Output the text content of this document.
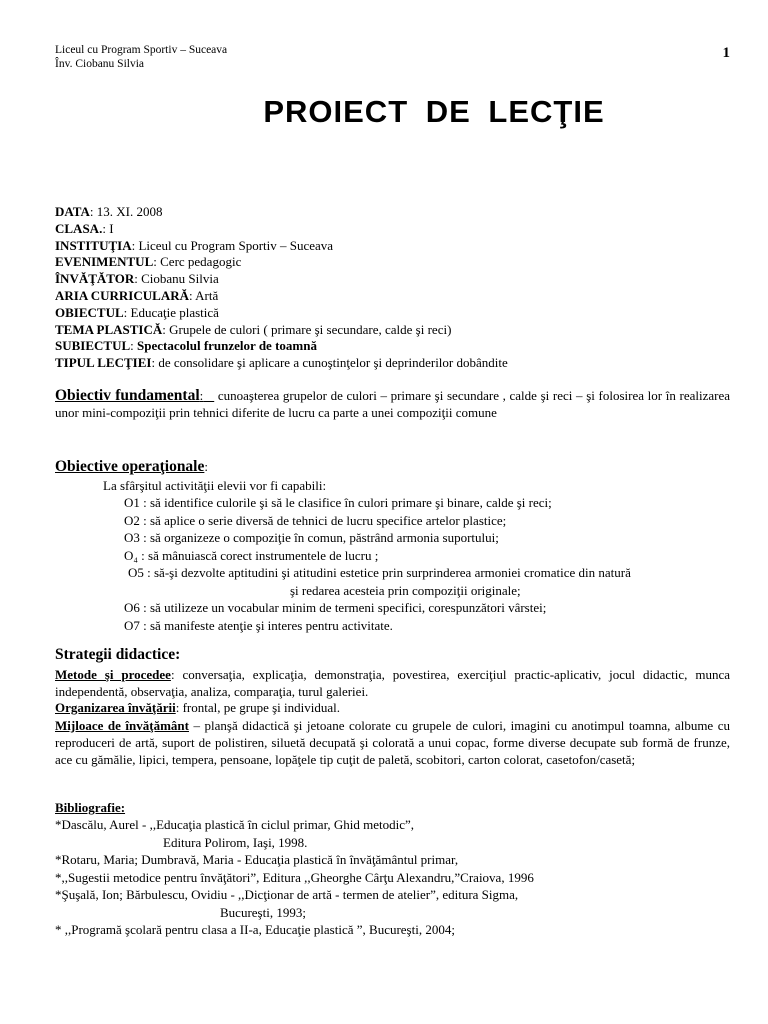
Liceul cu Program Sportiv – Suceava
Înv. Ciobanu Silvia
1
PROIECT DE LECŢIE
DATA: 13. XI. 2008
CLASA.: I
INSTITUŢIA: Liceul cu Program Sportiv – Suceava
EVENIMENTUL: Cerc pedagogic
ÎNVĂŢĂTOR: Ciobanu Silvia
ARIA CURRICULARĂ: Artă
OBIECTUL: Educaţie plastică
TEMA PLASTICĂ: Grupele de culori ( primare şi secundare, calde şi reci)
SUBIECTUL: Spectacolul frunzelor de toamnă
TIPUL LECŢIEI: de consolidare şi aplicare a cunoştinţelor şi deprinderilor dobândite
Obiectiv fundamental: cunoaşterea grupelor de culori – primare şi secundare , calde şi reci – şi folosirea lor în realizarea unor mini-compoziţii prin tehnici diferite de lucru ca parte a unei compoziţii comune
Obiective operaţionale:
La sfârşitul activităţii elevii vor fi capabili:
O1 : să identifice culorile şi să le clasifice în culori primare şi binare, calde şi reci;
O2 : să aplice o serie diversă de tehnici de lucru specifice artelor plastice;
O3 : să organizeze o compoziţie în comun, păstrând armonia suportului;
O₄ : să mânuiască corect instrumentele de lucru ;
O5 : să-şi dezvolte aptitudini şi atitudini estetice prin surprinderea armoniei cromatice din natură
şi redarea acesteia prin compoziţii originale;
O6 : să utilizeze un vocabular minim de termeni specifici, corespunzători vârstei;
O7 : să manifeste atenţie şi interes pentru activitate.
Strategii didactice:
Metode şi procedee: conversaţia, explicaţia, demonstraţia, povestirea, exerciţiul practic-aplicativ, jocul didactic, munca independentă, observaţia, analiza, comparaţia, turul galeriei.
Organizarea învăţării: frontal, pe grupe şi individual.
Mijloace de învăţământ – planşă didactică şi jetoane colorate cu grupele de culori, imagini cu anotimpul toamna, albume cu reproduceri de artă, suport de polistiren, siluetă decupată şi colorată a unui copac, forme diverse decupate sub formă de frunze, ace cu gămălie, lipici, tempera, pensoane, lopăţele tip cuţit de paletă, scobitori, carton colorat, casetofon/casetă;
Bibliografie:
*Dascălu, Aurel - ,,Educaţia plastică în ciclul primar, Ghid metodic”,
Editura Polirom, Iaşi, 1998.
*Rotaru, Maria; Dumbravă, Maria - Educaţia plastică în învăţământul primar,
*,,Sugestii metodice pentru învăţători”, Editura ,,Gheorghe Cârţu Alexandru,”Craiova, 1996
*Şuşală, Ion; Bărbulescu, Ovidiu - ,,Dicţionar de artă - termen de atelier”, editura Sigma,
Bucureşti, 1993;
* ,,Programă şcolară pentru clasa a II-a, Educaţie plastică ”, Bucureşti, 2004;
